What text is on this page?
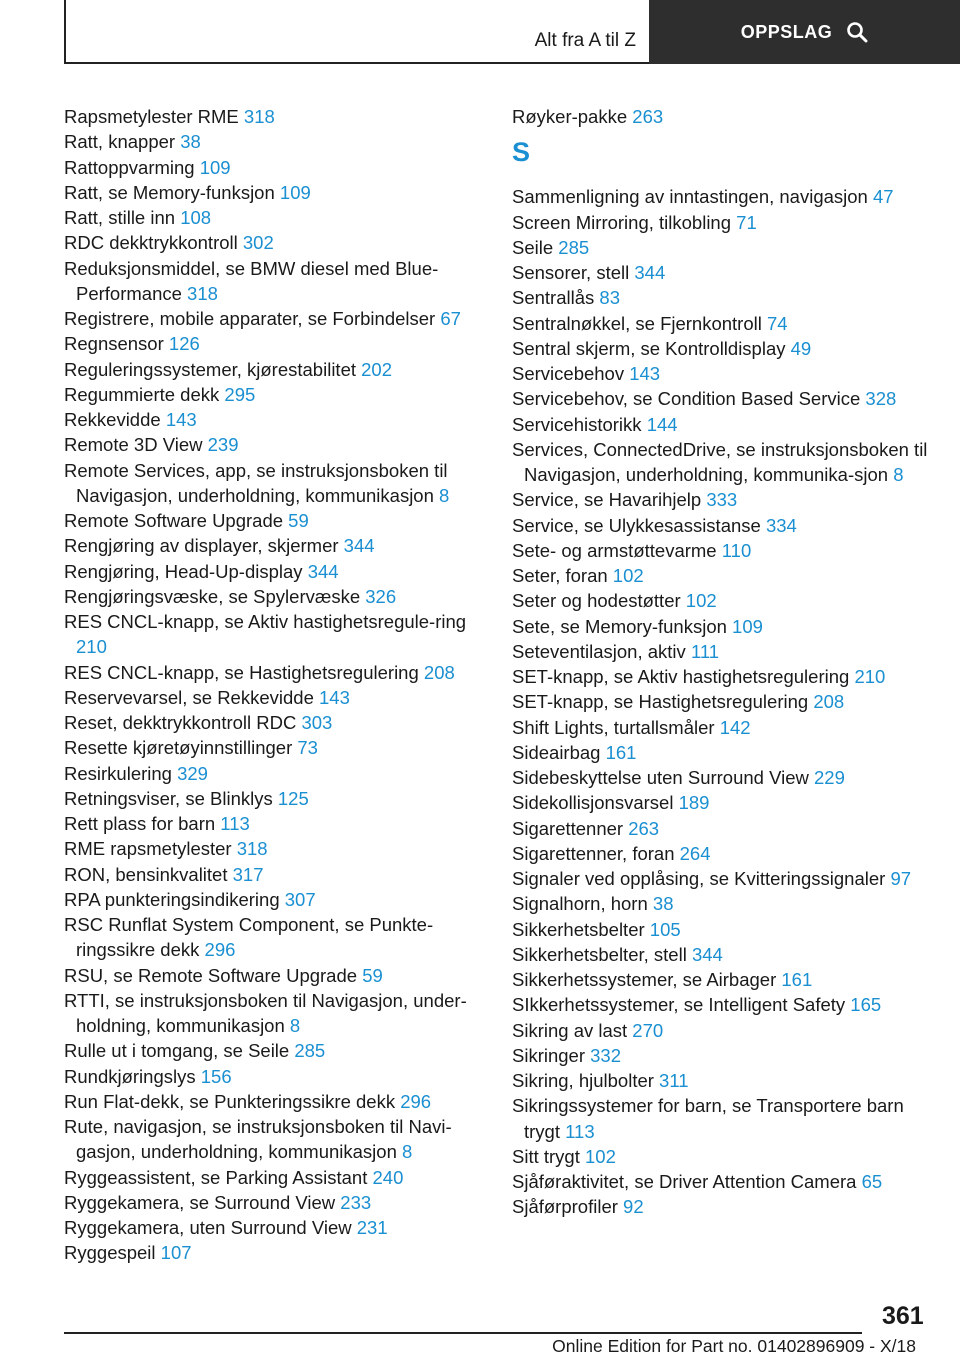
Alt fra A til Z	OPPSLAG
Rapsmetylester RME 318
Ratt, knapper 38
Rattoppvarming 109
Ratt, se Memory-funksjon 109
Ratt, stille inn 108
RDC dekktrykkontroll 302
Reduksjonsmiddel, se BMW diesel med Blue‐Performance 318
Registrere, mobile apparater, se Forbindelser 67
Regnsensor 126
Reguleringssystemer, kjørestabilitet 202
Regummierte dekk 295
Rekkevidde 143
Remote 3D View 239
Remote Services, app, se instruksjonsboken til Navigasjon, underholdning, kommunikasjon 8
Remote Software Upgrade 59
Rengjøring av displayer, skjermer 344
Rengjøring, Head-Up-display 344
Rengjøringsvæske, se Spylervæske 326
RES CNCL-knapp, se Aktiv hastighetsregule‐ring 210
RES CNCL-knapp, se Hastighetsregulering 208
Reservevarsel, se Rekkevidde 143
Reset, dekktrykkontroll RDC 303
Resette kjøretøyinnstillinger 73
Resirkulering 329
Retningsviser, se Blinklys 125
Rett plass for barn 113
RME rapsmetylester 318
RON, bensinkvalitet 317
RPA punkteringsindikering 307
RSC Runflat System Component, se Punkte‐ringssikre dekk 296
RSU, se Remote Software Upgrade 59
RTTI, se instruksjonsboken til Navigasjon, under‐holdning, kommunikasjon 8
Rulle ut i tomgang, se Seile 285
Rundkjøringslys 156
Run Flat-dekk, se Punkteringssikre dekk 296
Rute, navigasjon, se instruksjonsboken til Navi‐gasjon, underholdning, kommunikasjon 8
Ryggeassistent, se Parking Assistant 240
Ryggekamera, se Surround View 233
Ryggekamera, uten Surround View 231
Ryggespeil 107
Røyker-pakke 263
S
Sammenligning av inntastingen, navigasjon 47
Screen Mirroring, tilkobling 71
Seile 285
Sensorer, stell 344
Sentrallås 83
Sentralnøkkel, se Fjernkontroll 74
Sentral skjerm, se Kontrolldisplay 49
Servicebehov 143
Servicebehov, se Condition Based Service 328
Servicehistorikk 144
Services, ConnectedDrive, se instruksjonsboken til Navigasjon, underholdning, kommunika‐sjon 8
Service, se Havarihjelp 333
Service, se Ulykkesassistanse 334
Sete- og armstøttevarme 110
Seter, foran 102
Seter og hodestøtter 102
Sete, se Memory-funksjon 109
Seteventilasjon, aktiv 111
SET-knapp, se Aktiv hastighetsregulering 210
SET-knapp, se Hastighetsregulering 208
Shift Lights, turtallsmåler 142
Sideairbag 161
Sidebeskyttelse uten Surround View 229
Sidekollisjonsvarsel 189
Sigarettenner 263
Sigarettenner, foran 264
Signaler ved opplåsing, se Kvitteringssignaler 97
Signalhorn, horn 38
Sikkerhetsbelter 105
Sikkerhetsbelter, stell 344
Sikkerhetssystemer, se Airbager 161
SIkkerhetssystemer, se Intelligent Safety 165
Sikring av last 270
Sikringer 332
Sikring, hjulbolter 311
Sikringssystemer for barn, se Transportere barn trygt 113
Sitt trygt 102
Sjåføraktivitet, se Driver Attention Camera 65
Sjåførprofiler 92
361
Online Edition for Part no. 01402896909 - X/18
